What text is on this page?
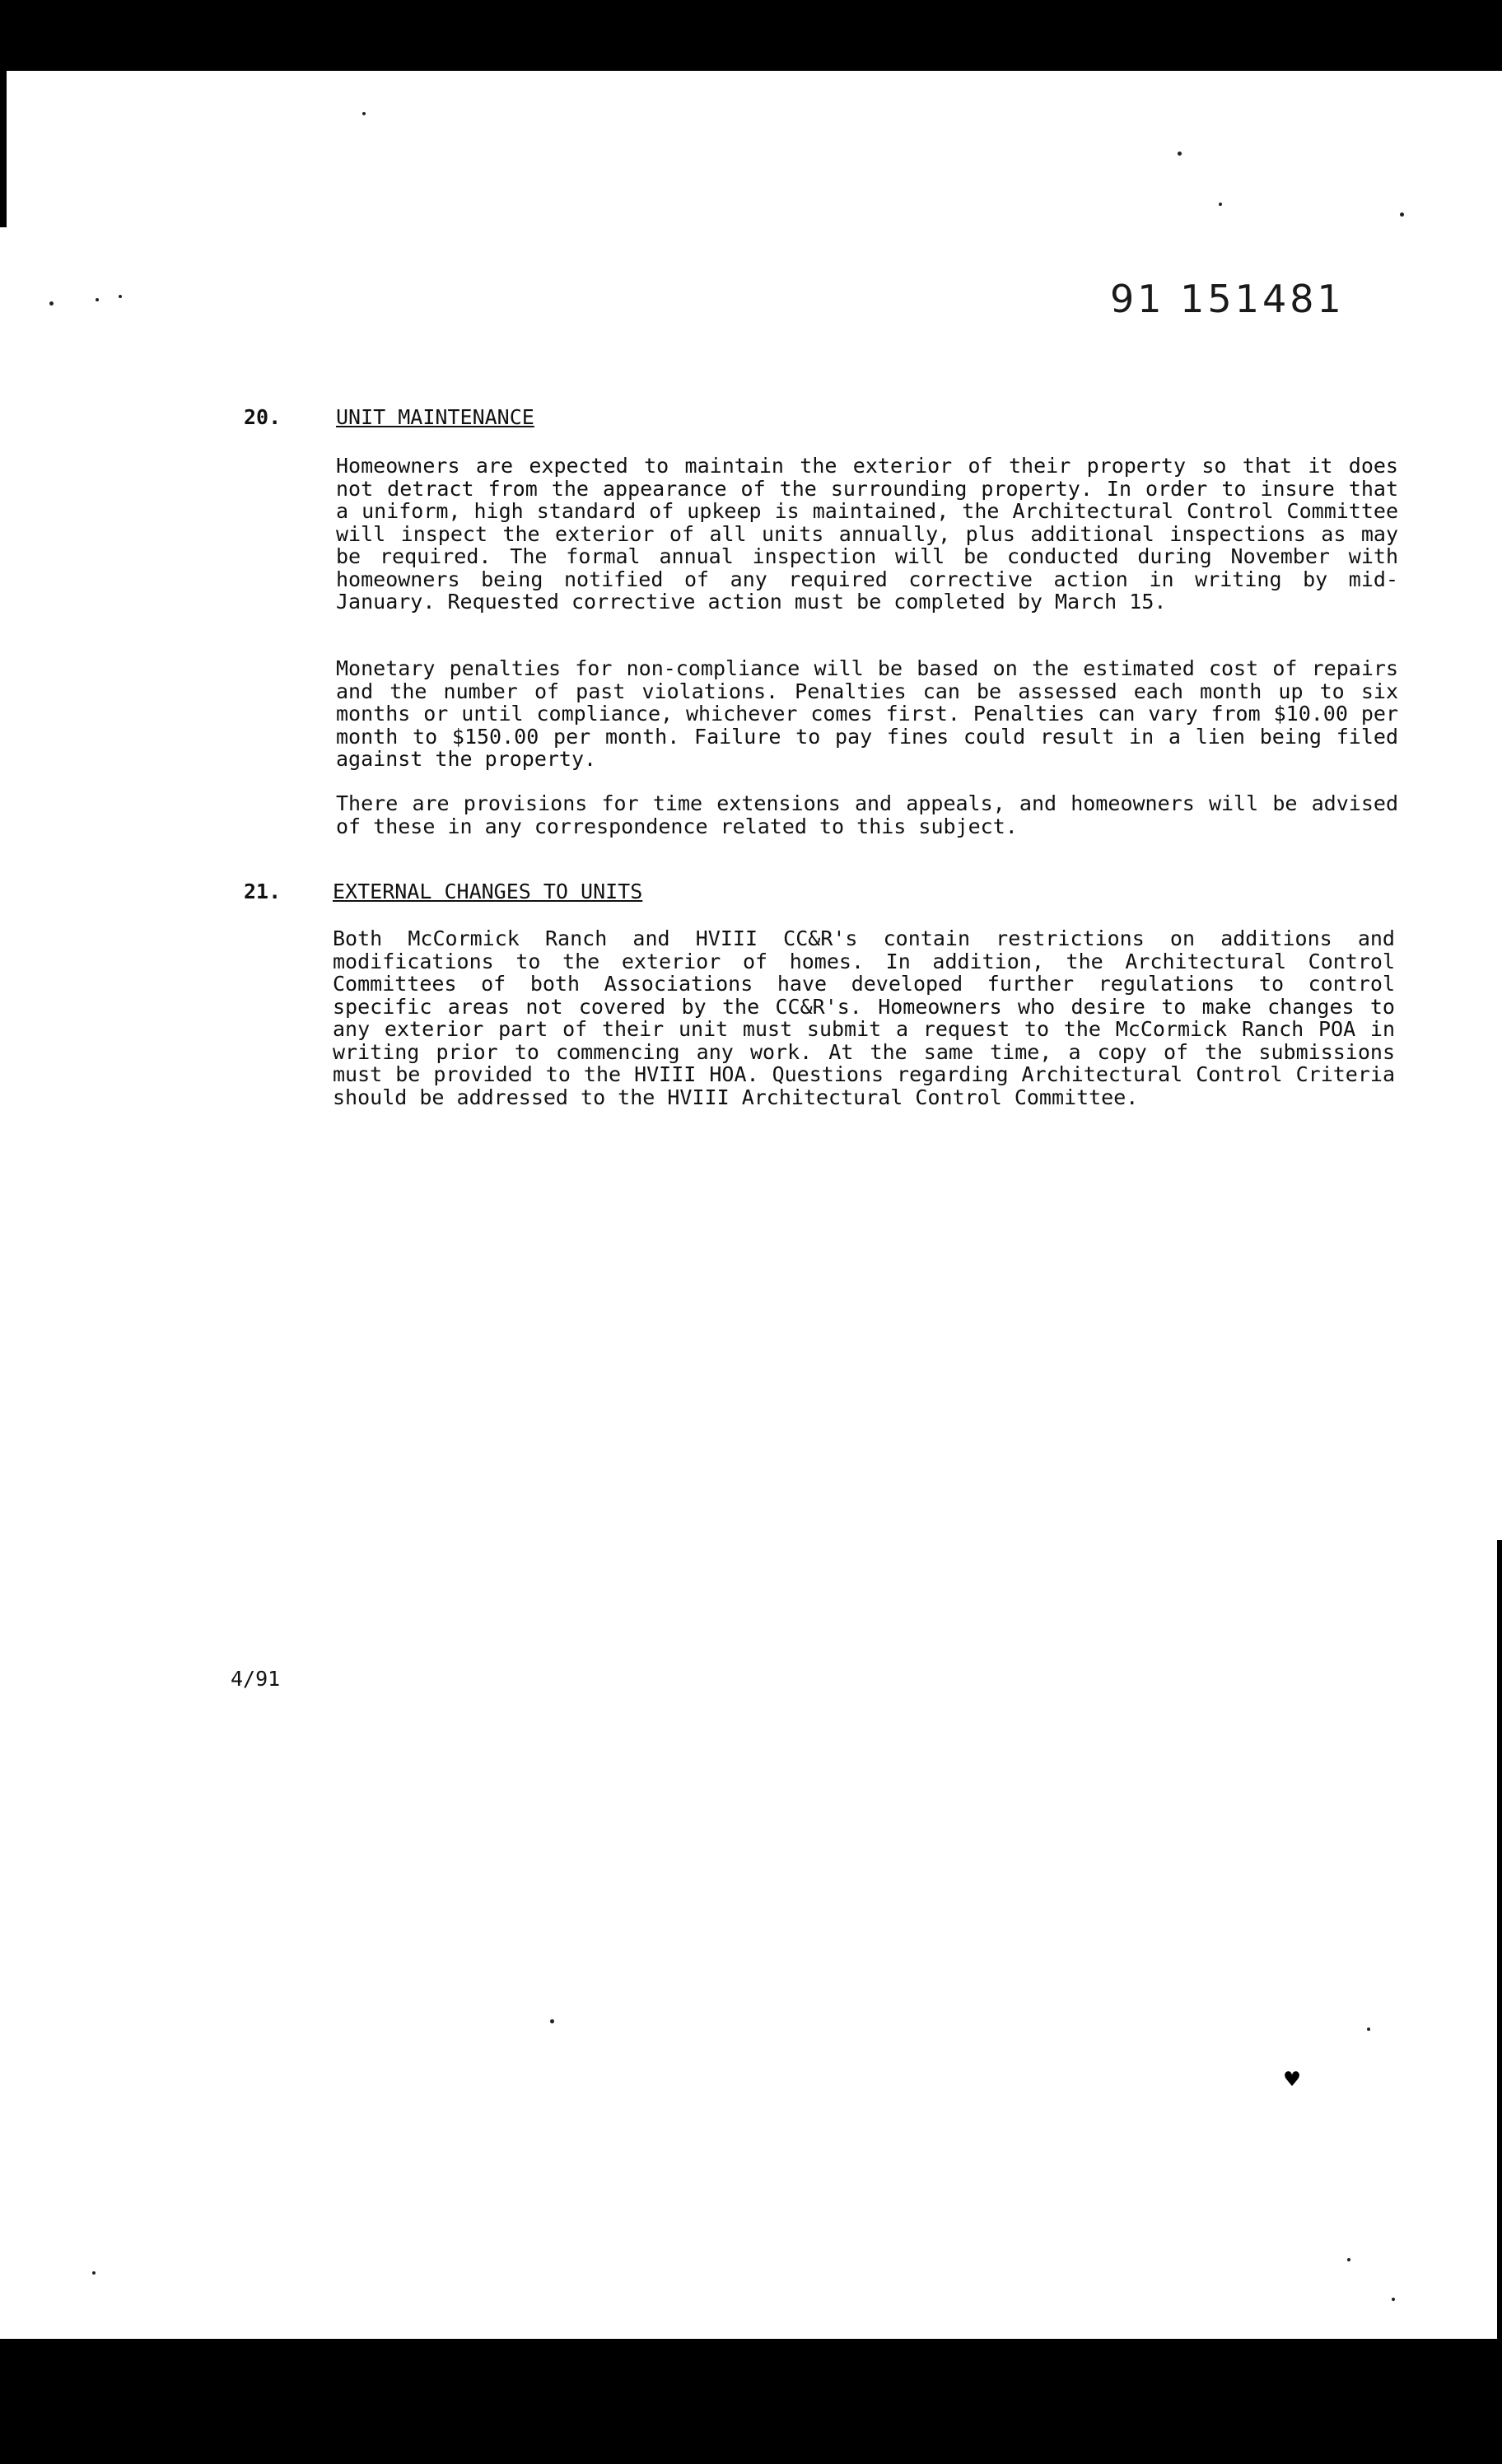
♥
91 151481
20.	UNIT MAINTENANCE

Homeowners are expected to maintain the exterior of their property so that it does not detract from the appearance of the surrounding property. In order to insure that a uniform, high standard of upkeep is maintained, the Architectural Control Committee will inspect the exterior of all units annually, plus additional inspections as may be required. The formal annual inspection will be conducted during November with homeowners being notified of any required corrective action in writing by mid-January. Requested corrective action must be completed by March 15.

Monetary penalties for non-compliance will be based on the estimated cost of repairs and the number of past violations. Penalties can be assessed each month up to six months or until compliance, whichever comes first. Penalties can vary from $10.00 per month to $150.00 per month. Failure to pay fines could result in a lien being filed against the property.

There are provisions for time extensions and appeals, and homeowners will be advised of these in any correspondence related to this subject.

21.	EXTERNAL CHANGES TO UNITS

Both McCormick Ranch and HVIII CC&R's contain restrictions on additions and modifications to the exterior of homes. In addition, the Architectural Control Committees of both Associations have developed further regulations to control specific areas not covered by the CC&R's. Homeowners who desire to make changes to any exterior part of their unit must submit a request to the McCormick Ranch POA in writing prior to commencing any work. At the same time, a copy of the submissions must be provided to the HVIII HOA. Questions regarding Architectural Control Criteria should be addressed to the HVIII Architectural Control Committee.

4/91
